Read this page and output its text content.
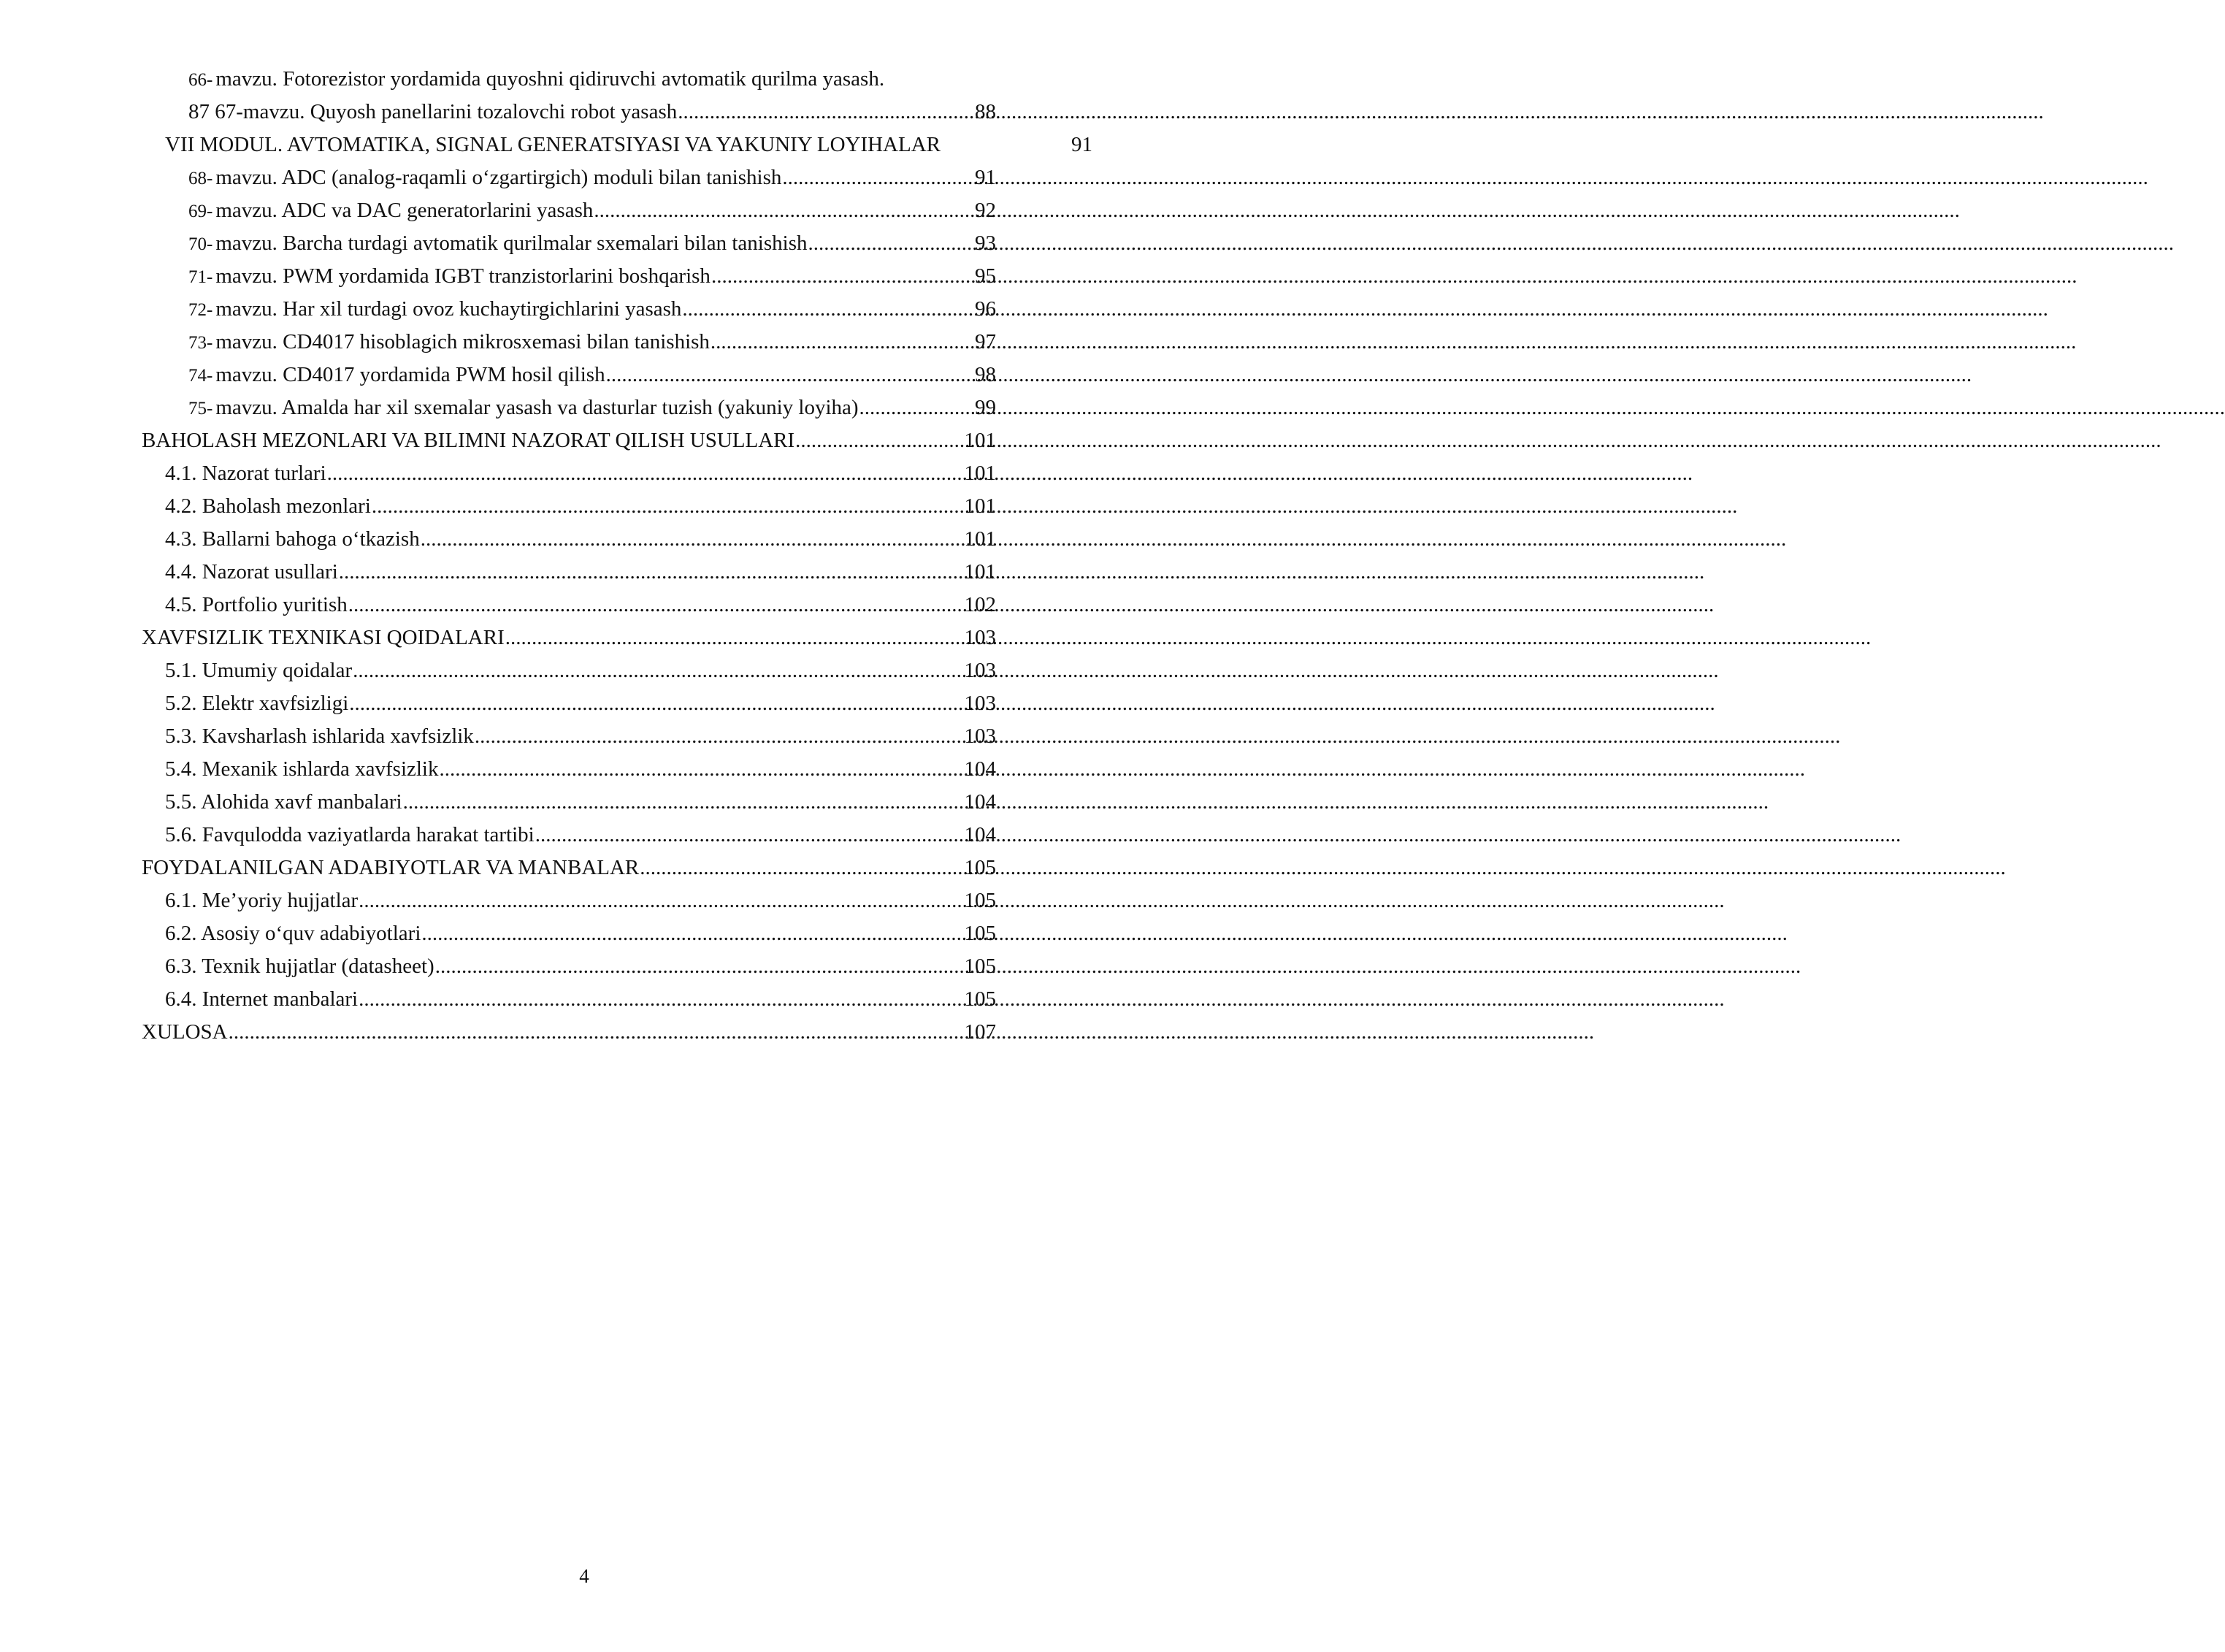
66- mavzu. Fotorezistor yordamida quyoshni qidiruvchi avtomatik qurilma yasash.
87 67-mavzu. Quyosh panellarini tozalovchi robot yasash .....	88
VII MODUL. AVTOMATIKA, SIGNAL GENERATSIYASI VA YAKUNIY LOYIHALAR	91
68- mavzu. ADC (analog-raqamli o‘zgartirgich) moduli bilan tanishish .....	91
69- mavzu. ADC va DAC generatorlarini yasash .....	92
70- mavzu. Barcha turdagi avtomatik qurilmalar sxemalari bilan tanishish .....	93
71- mavzu. PWM yordamida IGBT tranzistorlarini boshqarish .....	95
72- mavzu. Har xil turdagi ovoz kuchaytirgichlarini yasash .....	96
73- mavzu. CD4017 hisoblagich mikrosxemasi bilan tanishish .....	97
74- mavzu. CD4017 yordamida PWM hosil qilish .....	98
75- mavzu. Amalda har xil sxemalar yasash va dasturlar tuzish (yakuniy loyiha) .....	99
BAHOLASH MEZONLARI VA BILIMNI NAZORAT QILISH USULLARI .....	101
4.1. Nazorat turlari .....	101
4.2. Baholash mezonlari .....	101
4.3. Ballarni bahoga o‘tkazish .....	101
4.4. Nazorat usullari .....	101
4.5. Portfolio yuritish .....	102
XAVFSIZLIK TEXNIKASI QOIDALARI .....	103
5.1. Umumiy qoidalar .....	103
5.2. Elektr xavfsizligi .....	103
5.3. Kavsharlash ishlarida xavfsizlik .....	103
5.4. Mexanik ishlarda xavfsizlik .....	104
5.5. Alohida xavf manbalari .....	104
5.6. Favqulodda vaziyatlarda harakat tartibi .....	104
FOYDALANILGAN ADABIYOTLAR VA MANBALAR .....	105
6.1. Me’yoriy hujjatlar .....	105
6.2. Asosiy o‘quv adabiyotlari .....	105
6.3. Texnik hujjatlar (datasheet) .....	105
6.4. Internet manbalari .....	105
XULOSA .....	107
4
